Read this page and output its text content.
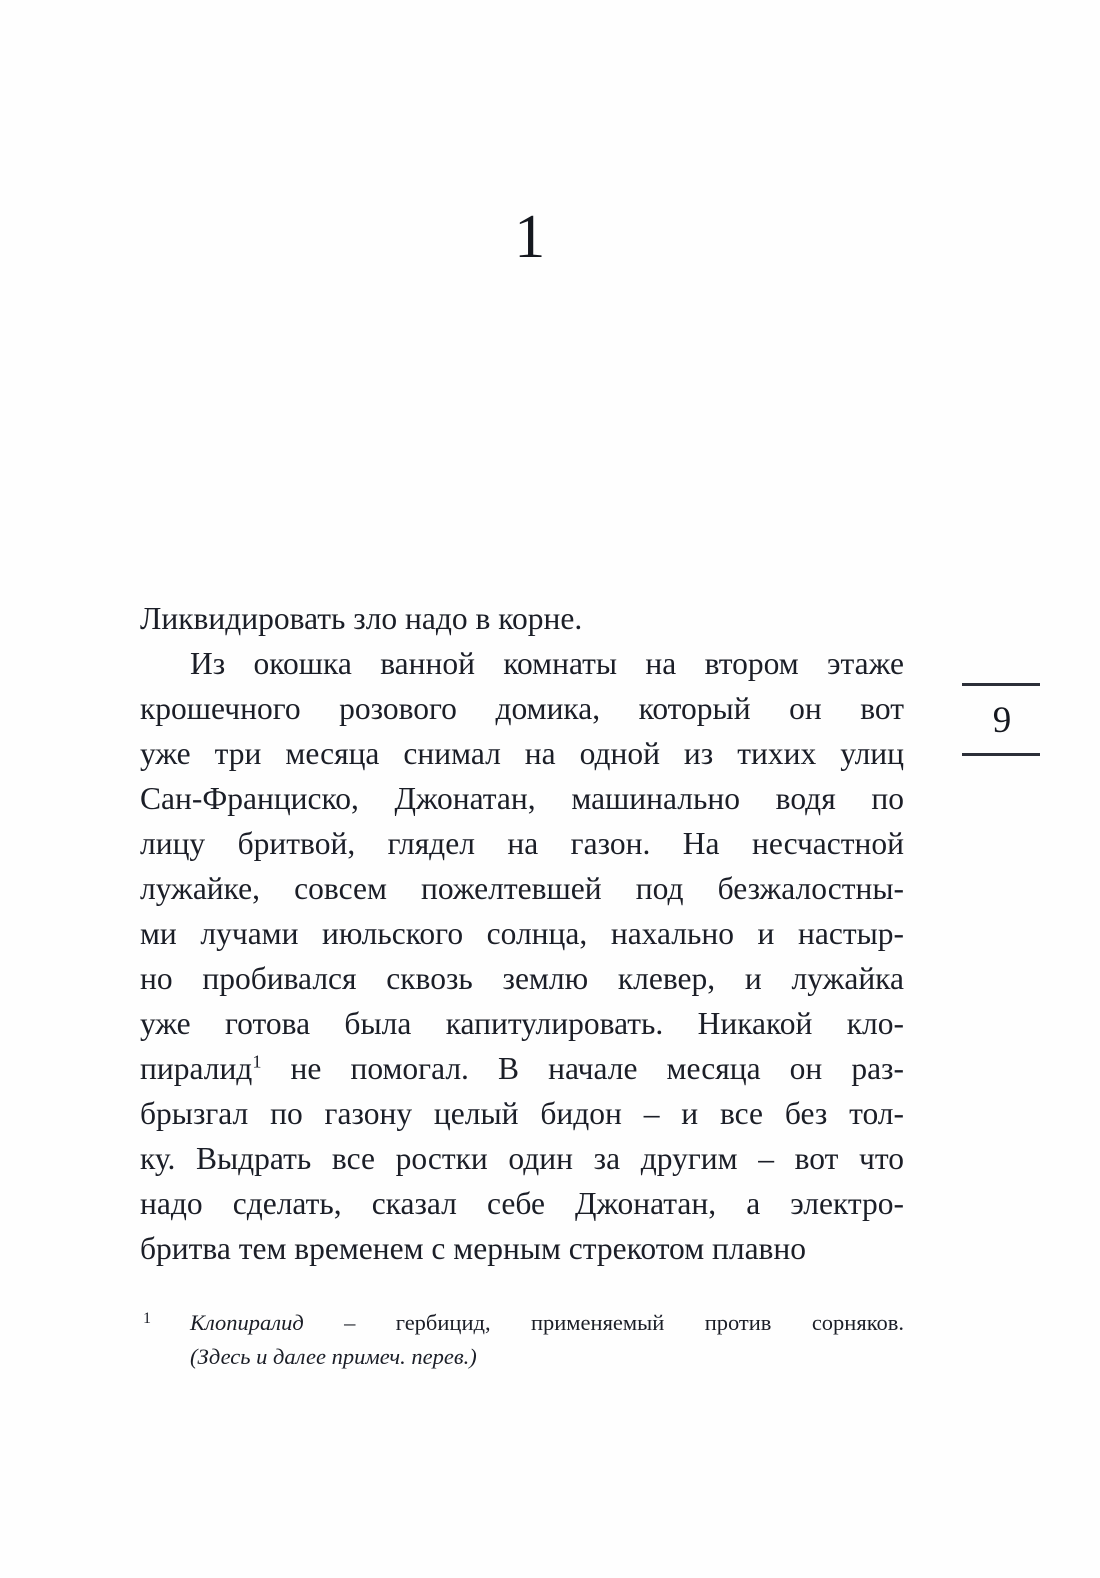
1
9
Ликвидировать зло надо в корне.
Из окошка ванной комнаты на втором этаже
крошечного розового домика, который он вот
уже три месяца снимал на одной из тихих улиц
Сан-Франциско, Джонатан, машинально водя по
лицу бритвой, глядел на газон. На несчастной
лужайке, совсем пожелтевшей под безжалостны-
ми лучами июльского солнца, нахально и настыр-
но пробивался сквозь землю клевер, и лужайка
уже готова была капитулировать. Никакой кло-
пиралид$^1$ не помогал. В начале месяца он раз-
брызгал по газону целый бидон – и все без тол-
ку. Выдрать все ростки один за другим – вот что
надо сделать, сказал себе Джонатан, а электро-
бритва тем временем с мерным стрекотом плавно
1 Клопиралид – гербицид, применяемый против сорняков.
(Здесь и далее примеч. перев.)
